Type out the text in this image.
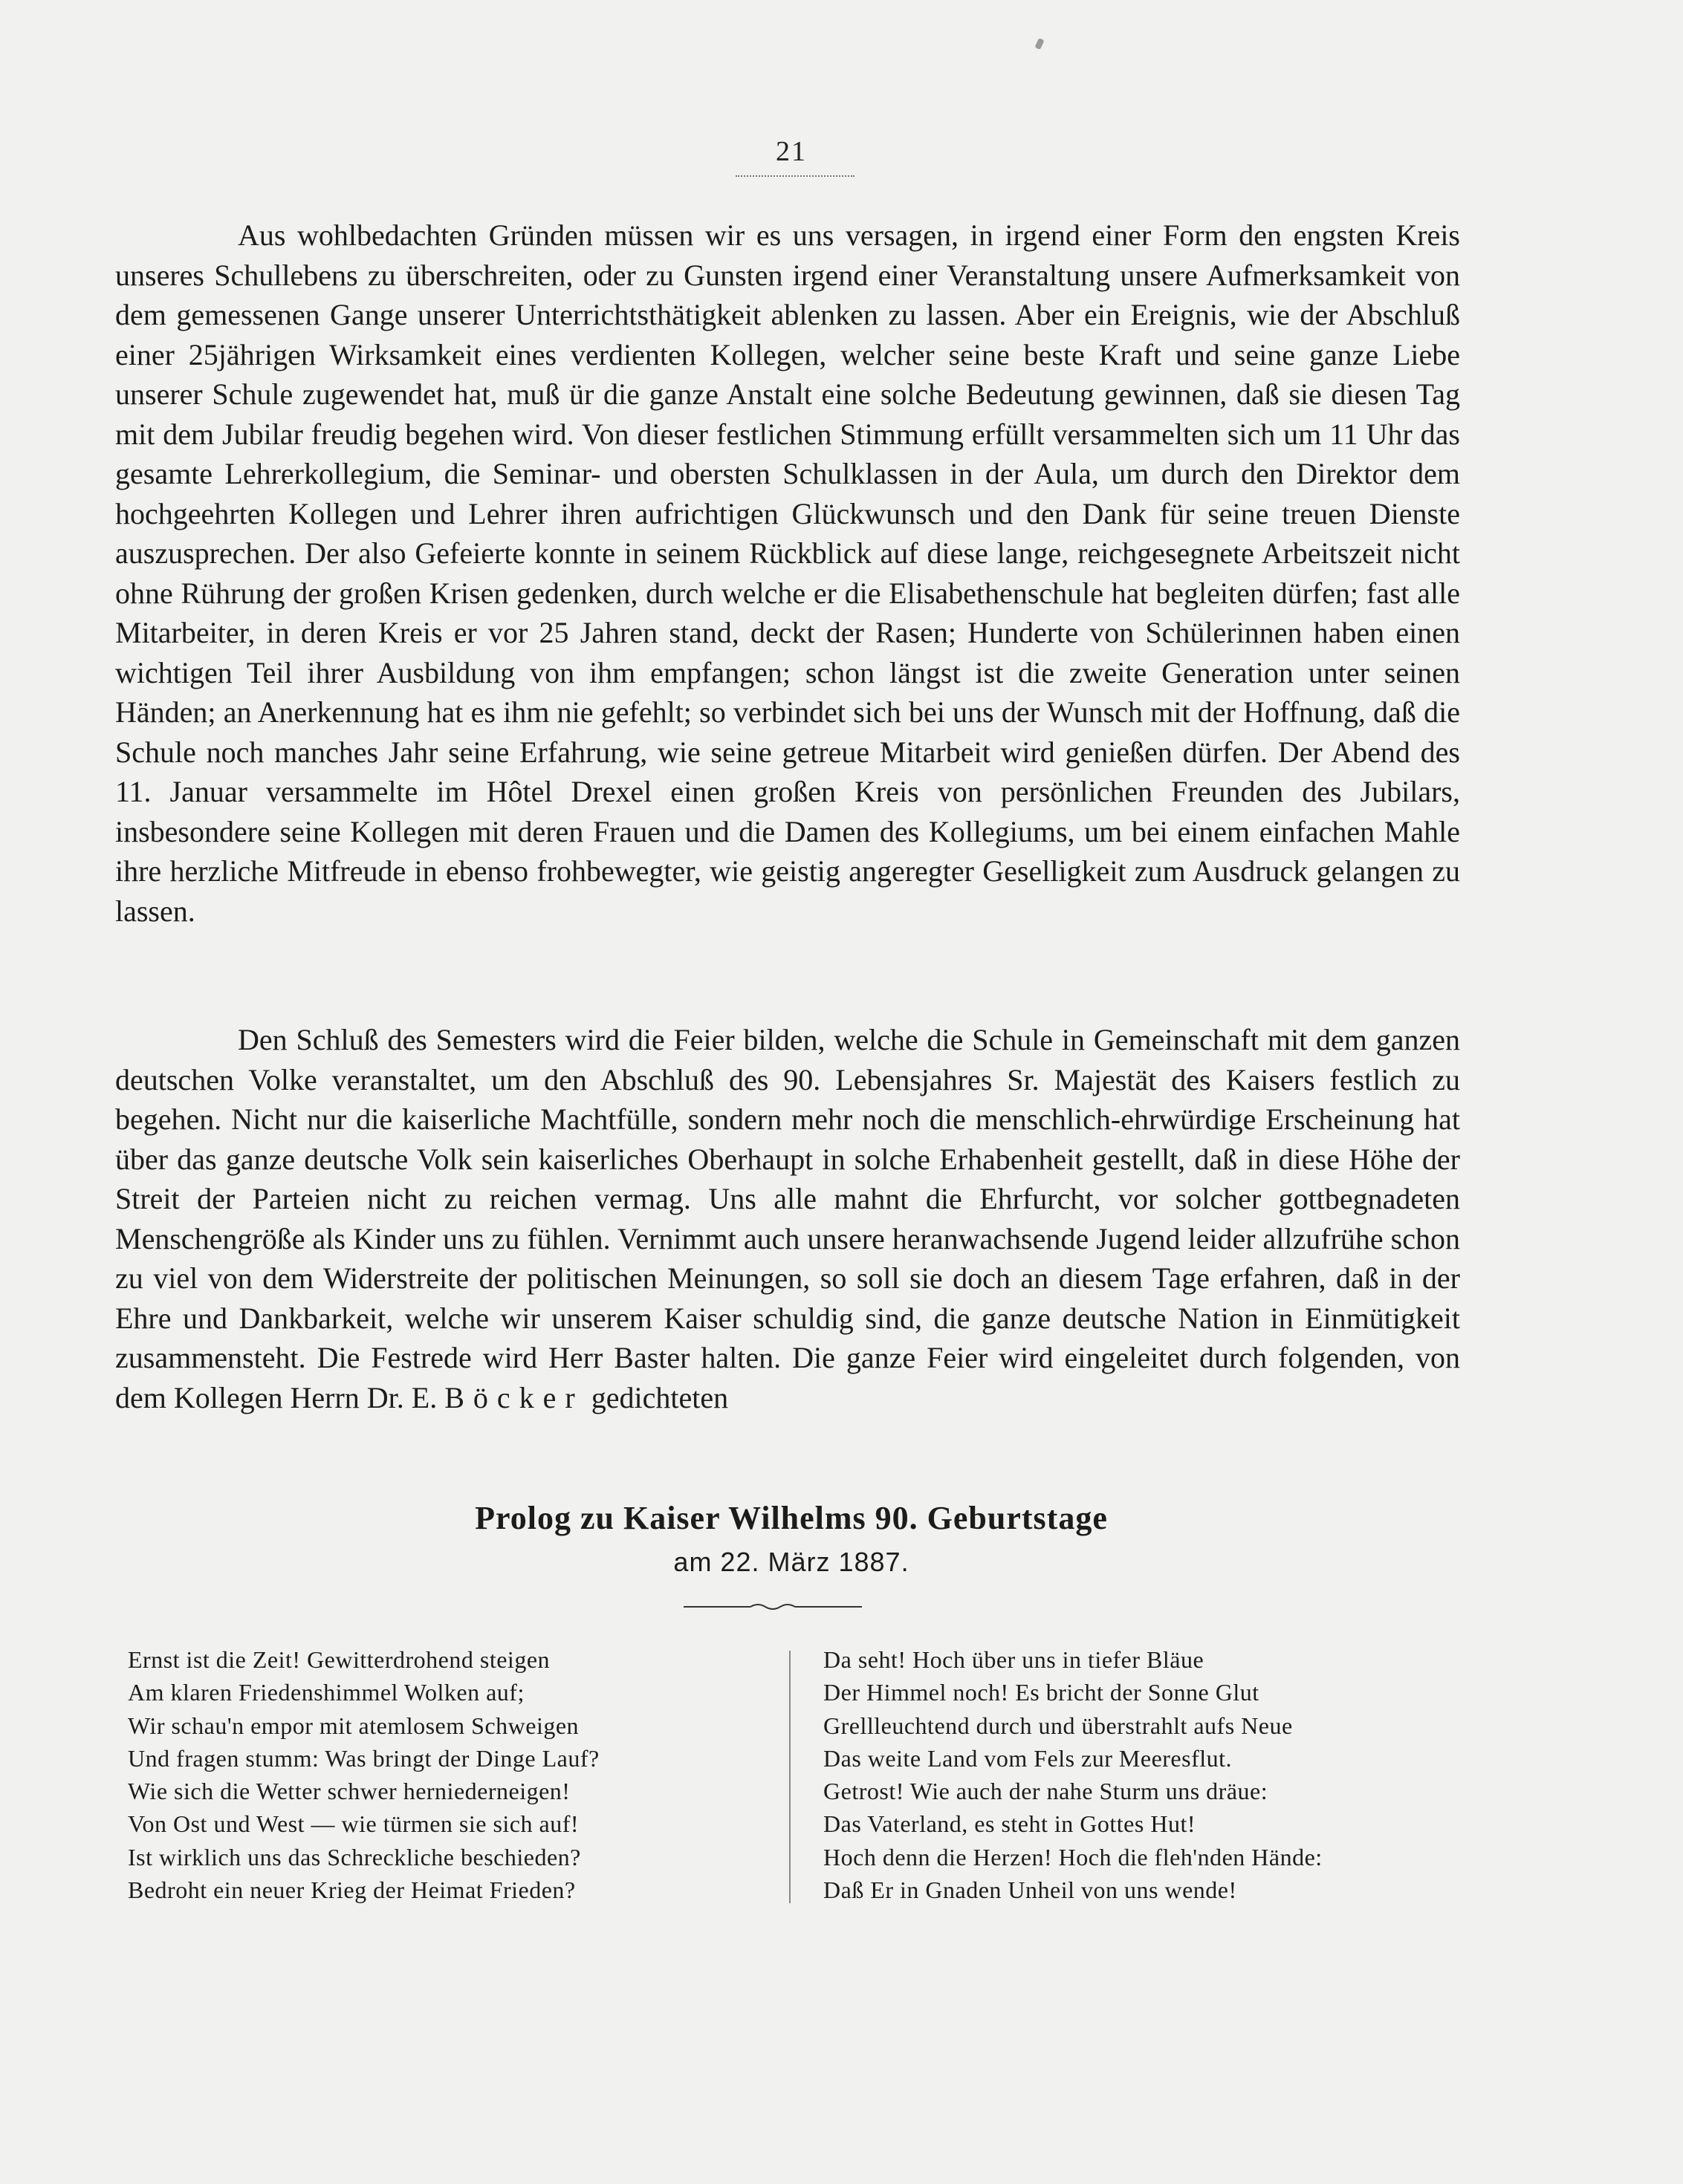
21

Aus wohlbedachten Gründen müssen wir es uns versagen, in irgend einer Form den engsten Kreis unseres Schullebens zu überschreiten, oder zu Gunsten irgend einer Veranstaltung unsere Aufmerksamkeit von dem gemessenen Gange unserer Unterrichtsthätigkeit ablenken zu lassen. Aber ein Ereignis, wie der Abschluß einer 25jährigen Wirksamkeit eines verdienten Kollegen, welcher seine beste Kraft und seine ganze Liebe unserer Schule zugewendet hat, muß ür die ganze Anstalt eine solche Bedeutung gewinnen, daß sie diesen Tag mit dem Jubilar freudig begehen wird. Von dieser festlichen Stimmung erfüllt versammelten sich um 11 Uhr das gesamte Lehrerkollegium, die Seminar- und obersten Schulklassen in der Aula, um durch den Direktor dem hochgeehrten Kollegen und Lehrer ihren aufrichtigen Glückwunsch und den Dank für seine treuen Dienste auszusprechen. Der also Gefeierte konnte in seinem Rückblick auf diese lange, reichgesegnete Arbeitszeit nicht ohne Rührung der großen Krisen gedenken, durch welche er die Elisabethenschule hat begleiten dürfen; fast alle Mitarbeiter, in deren Kreis er vor 25 Jahren stand, deckt der Rasen; Hunderte von Schülerinnen haben einen wichtigen Teil ihrer Ausbildung von ihm empfangen; schon längst ist die zweite Generation unter seinen Händen; an Anerkennung hat es ihm nie gefehlt; so verbindet sich bei uns der Wunsch mit der Hoffnung, daß die Schule noch manches Jahr seine Erfahrung, wie seine getreue Mitarbeit wird genießen dürfen. Der Abend des 11. Januar versammelte im Hôtel Drexel einen großen Kreis von persönlichen Freunden des Jubilars, insbesondere seine Kollegen mit deren Frauen und die Damen des Kollegiums, um bei einem einfachen Mahle ihre herzliche Mitfreude in ebenso frohbewegter, wie geistig angeregter Geselligkeit zum Ausdruck gelangen zu lassen.

Den Schluß des Semesters wird die Feier bilden, welche die Schule in Gemeinschaft mit dem ganzen deutschen Volke veranstaltet, um den Abschluß des 90. Lebensjahres Sr. Majestät des Kaisers festlich zu begehen. Nicht nur die kaiserliche Machtfülle, sondern mehr noch die menschlich-ehrwürdige Erscheinung hat über das ganze deutsche Volk sein kaiserliches Oberhaupt in solche Erhabenheit gestellt, daß in diese Höhe der Streit der Parteien nicht zu reichen vermag. Uns alle mahnt die Ehrfurcht, vor solcher gottbegnadeten Menschengröße als Kinder uns zu fühlen. Vernimmt auch unsere heranwachsende Jugend leider allzufrühe schon zu viel von dem Widerstreite der politischen Meinungen, so soll sie doch an diesem Tage erfahren, daß in der Ehre und Dankbarkeit, welche wir unserem Kaiser schuldig sind, die ganze deutsche Nation in Einmütigkeit zusammensteht. Die Festrede wird Herr Baster halten. Die ganze Feier wird eingeleitet durch folgenden, von dem Kollegen Herrn Dr. E. Böcker gedichteten

Prolog zu Kaiser Wilhelms 90. Geburtstage
am 22. März 1887.
Ernst ist die Zeit! Gewitterdrohend steigen
Am klaren Friedenshimmel Wolken auf;
Wir schau'n empor mit atemlosem Schweigen
Und fragen stumm: Was bringt der Dinge Lauf?
Wie sich die Wetter schwer herniederneigen!
Von Ost und West — wie türmen sie sich auf!
Ist wirklich uns das Schreckliche beschieden?
Bedroht ein neuer Krieg der Heimat Frieden?
Da seht! Hoch über uns in tiefer Bläue
Der Himmel noch! Es bricht der Sonne Glut
Grellleuchtend durch und überstrahlt aufs Neue
Das weite Land vom Fels zur Meeresflut.
Getrost! Wie auch der nahe Sturm uns dräue:
Das Vaterland, es steht in Gottes Hut!
Hoch denn die Herzen! Hoch die fleh'nden Hände:
Daß Er in Gnaden Unheil von uns wende!
